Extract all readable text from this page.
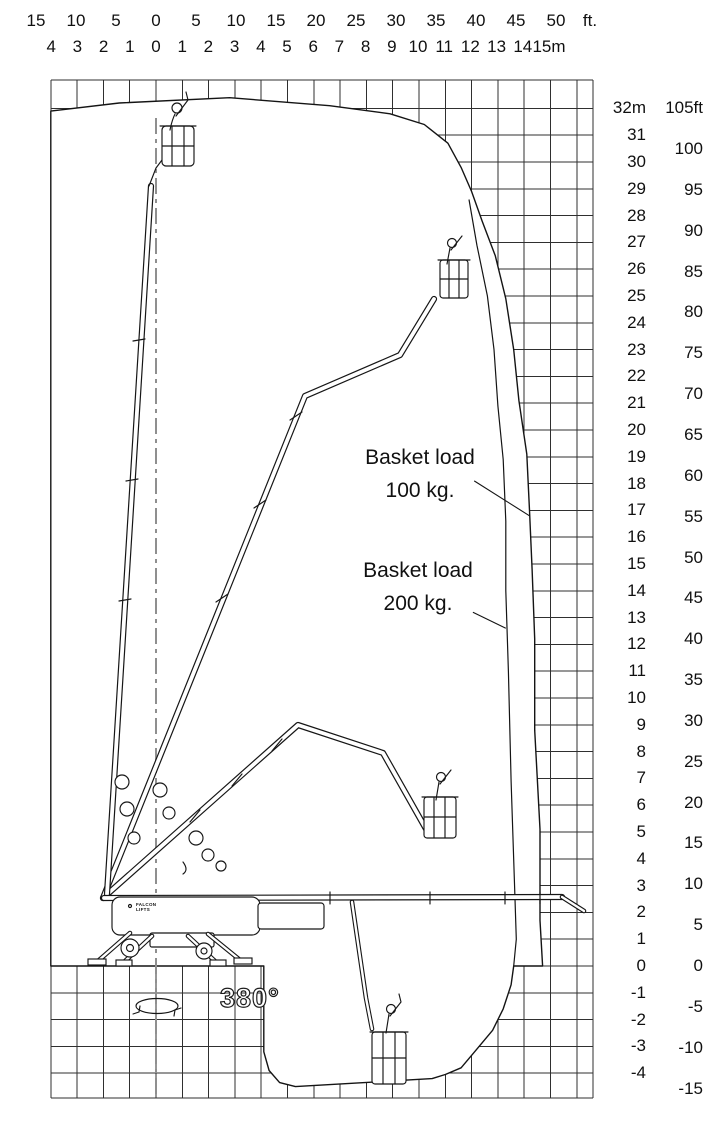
15 10 5 0 5 10 15 20 25 30 35 40 45 50 ft.
4 3 2 1 0 1 2 3 4 5 6 7 8 9 10 11 12 13 14 15m
32m
31
30
29
28
27
26
25
24
23
22
21
20
19
18
17
16
15
14
13
12
11
10
9
8
7
6
5
4
3
2
1
0
-1
-2
-3
-4
105ft
100
95
90
85
80
75
70
65
60
55
50
45
40
35
30
25
20
15
10
5
0
-5
-10
-15
Basket load
100 kg.
Basket load
200 kg.
380°
FALCON
LIFTS
